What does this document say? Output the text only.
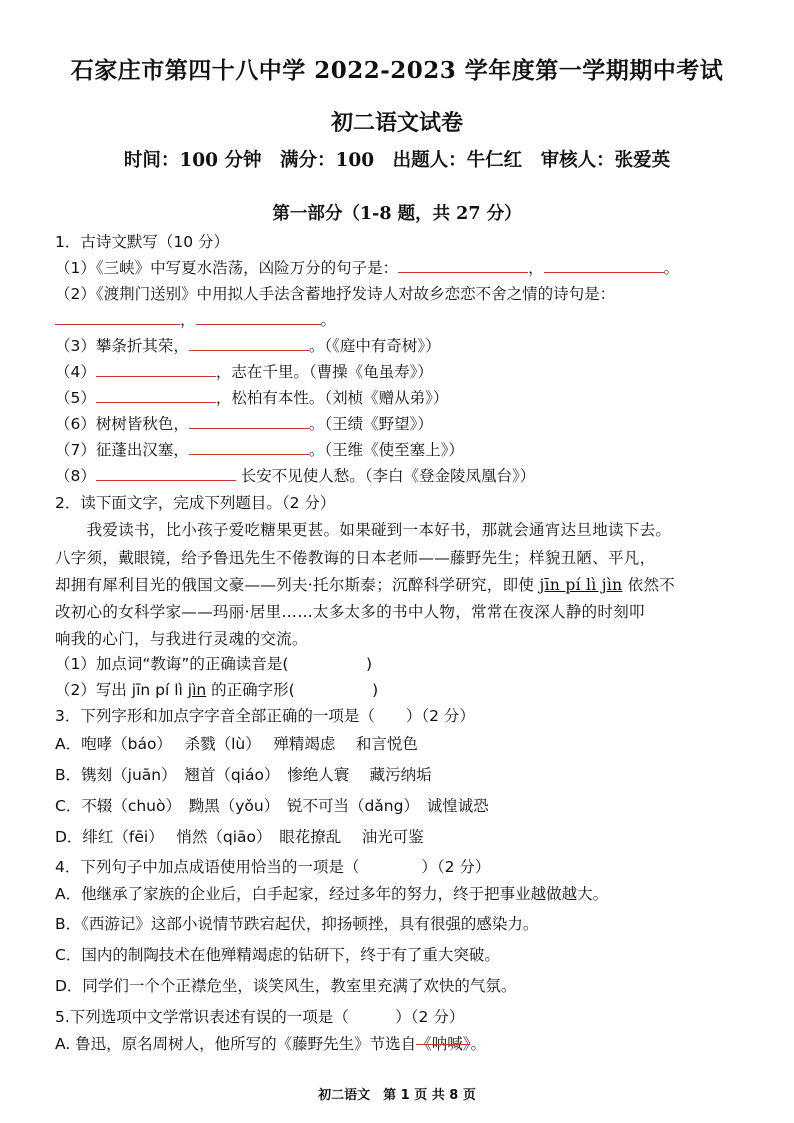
石家庄市第四十八中学 2022-2023 学年度第一学期期中考试
初二语文试卷
时间：100 分钟　满分：100　出题人：牛仁红　审核人：张爱英
第一部分（1-8 题，共 27 分）
1．古诗文默写（10 分）
（1）《三峡》中写夏水浩荡，凶险万分的句子是：	，	。
（2）《渡荆门送别》中用拟人手法含蓄地抒发诗人对故乡恋恋不舍之情的诗句是：
，	。
（3）攀条折其荣，	。（《庭中有奇树》）
（4）	，志在千里。（曹操《龟虽寿》）
（5）	，松柏有本性。（刘桢《赠从弟》）
（6）树树皆秋色，	。（王绩《野望》）
（7）征蓬出汉塞，	。（王维《使至塞上》）
（8）	长安不见使人愁。（李白《登金陵凤凰台》）
2．读下面文字，完成下列题目。（2 分）
　　我爱读书，比小孩子爱吃糖果更甚。如果碰到一本好书，那就会通宵达旦地读下去。
八字须，戴眼镜，给予鲁迅先生不倦教诲的日本老师——藤野先生；样貌丑陋、平凡，
却拥有犀利目光的俄国文豪——列夫·托尔斯泰；沉醉科学研究，即使 jīn pí lì jìn 依然不
改初心的女科学家——玛丽·居里……太多太多的书中人物，常常在夜深人静的时刻叩
响我的心门，与我进行灵魂的交流。
（1）加点词“教诲”的正确读音是(　　　　　)
（2）写出 jīn pí lì jìn 的正确字形(　　　　　)
3．下列字形和加点字字音全部正确的一项是（　　）（2 分）
A．咆哮（báo）　 杀戮（lù）　 殚精竭虑　 和言悦色
B．镌刻（juān）　翘首（qiáo）　惨绝人寰　 藏污纳垢
C．不辍（chuò）　黝黑（yǒu）　锐不可当（dǎng）　诚惶诚恐
D．绯红（fēi）　 悄然（qiāo）　眼花撩乱　 油光可鉴
4．下列句子中加点成语使用恰当的一项是（　　　　）（2 分）
A．他继承了家族的企业后，白手起家，经过多年的努力，终于把事业越做越大。
B．《西游记》这部小说情节跌宕起伏，抑扬顿挫，具有很强的感染力。
C．国内的制陶技术在他殚精竭虑的钻研下，终于有了重大突破。
D．同学们一个个正襟危坐，谈笑风生，教室里充满了欢快的气氛。
5.下列选项中文学常识表述有误的一项是（　　　）（2 分）
A. 鲁迅，原名周树人，他所写的《藤野先生》节选自《呐喊》。
初二语文　第 1 页 共 8 页
